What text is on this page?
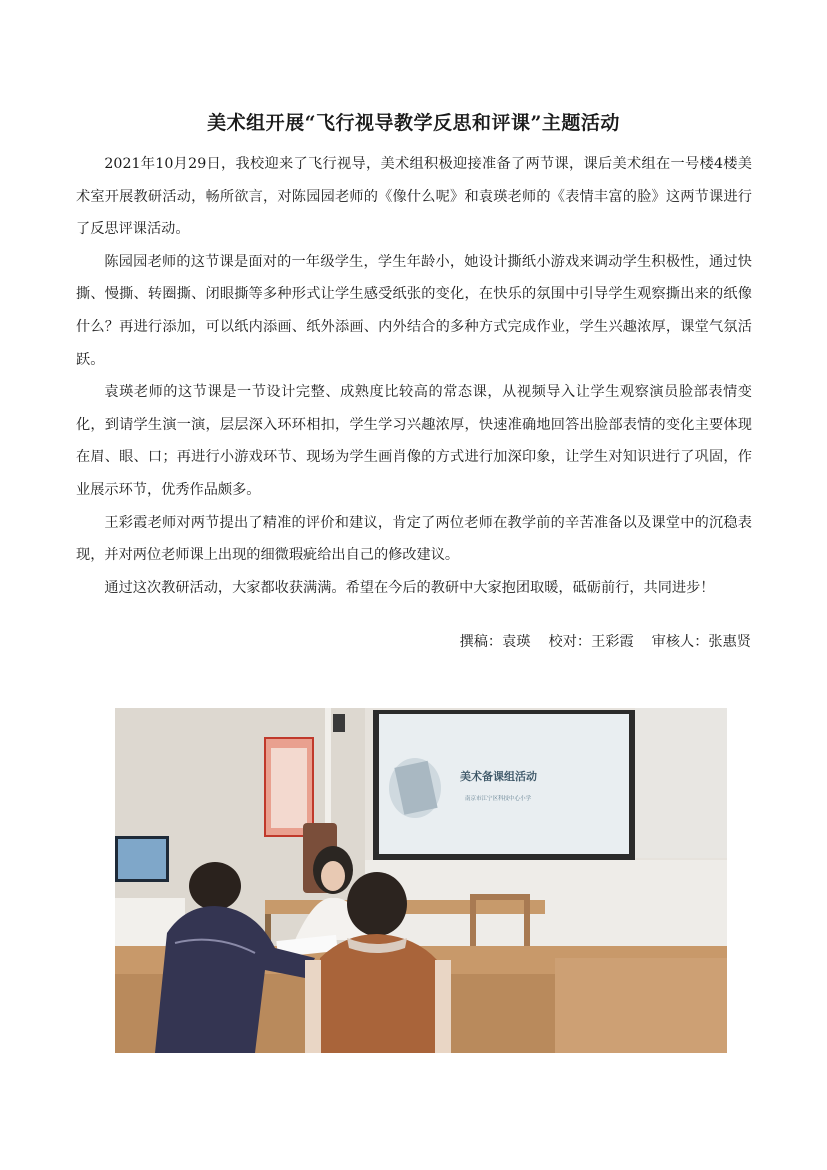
美术组开展“飞行视导教学反思和评课”主题活动

2021年10月29日，我校迎来了飞行视导，美术组积极迎接准备了两节课，课后美术组在一号楼4楼美术室开展教研活动，畅所欲言，对陈园园老师的《像什么呢》和袁瑛老师的《表情丰富的脸》这两节课进行了反思评课活动。

陈园园老师的这节课是面对的一年级学生，学生年龄小，她设计撕纸小游戏来调动学生积极性，通过快撕、慢撕、转圈撕、闭眼撕等多种形式让学生感受纸张的变化，在快乐的氛围中引导学生观察撕出来的纸像什么？再进行添加，可以纸内添画、纸外添画、内外结合的多种方式完成作业，学生兴趣浓厚，课堂气氛活跃。

袁瑛老师的这节课是一节设计完整、成熟度比较高的常态课，从视频导入让学生观察演员脸部表情变化，到请学生演一演，层层深入环环相扣，学生学习兴趣浓厚，快速准确地回答出脸部表情的变化主要体现在眉、眼、口；再进行小游戏环节、现场为学生画肖像的方式进行加深印象，让学生对知识进行了巩固，作业展示环节，优秀作品颇多。

王彩霞老师对两节提出了精准的评价和建议，肯定了两位老师在教学前的辛苦准备以及课堂中的沉稳表现，并对两位老师课上出现的细微瑕疵给出自己的修改建议。

通过这次教研活动，大家都收获满满。希望在今后的教研中大家抱团取暖，砥砺前行，共同进步！

撰稿：袁瑛    校对：王彩霞    审核人：张惠贤
美术备课组活动
南京市江宁区科技中心小学
